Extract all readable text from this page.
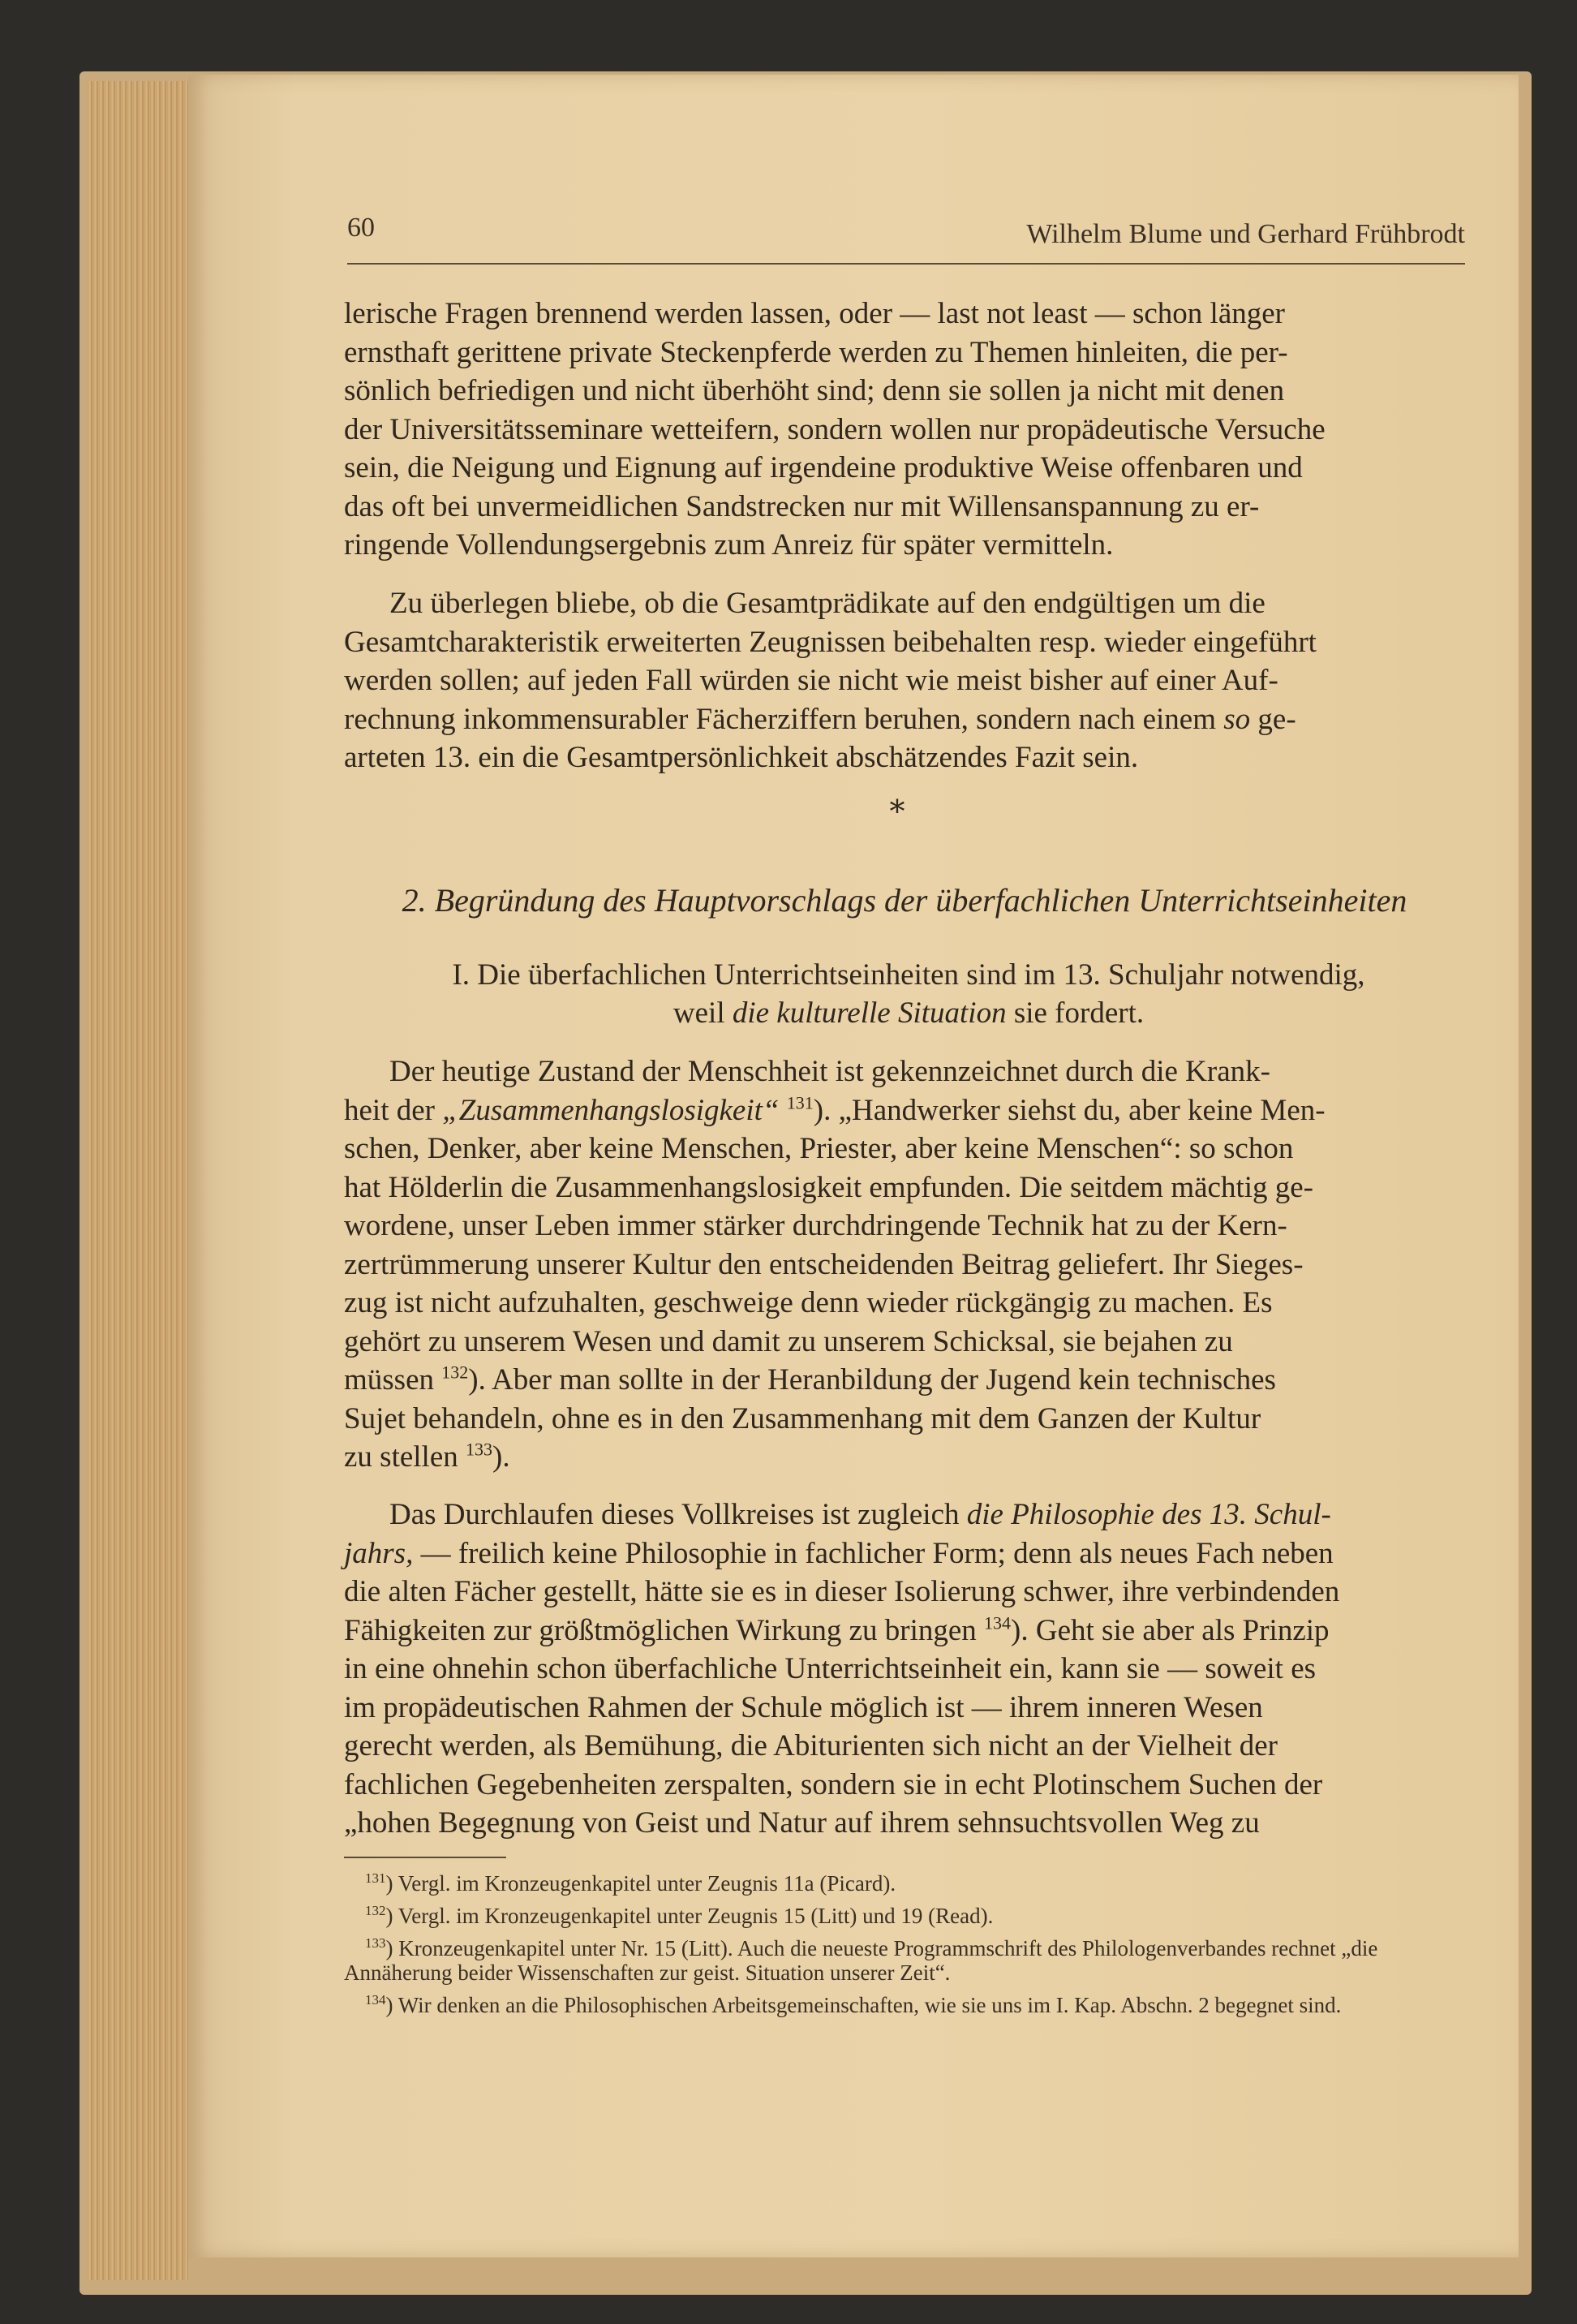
60	Wilhelm Blume und Gerhard Frühbrodt

lerische Fragen brennend werden lassen, oder — last not least — schon länger
ernsthaft gerittene private Steckenpferde werden zu Themen hinleiten, die per-
sönlich befriedigen und nicht überhöht sind; denn sie sollen ja nicht mit denen
der Universitätsseminare wetteifern, sondern wollen nur propädeutische Versuche
sein, die Neigung und Eignung auf irgendeine produktive Weise offenbaren und
das oft bei unvermeidlichen Sandstrecken nur mit Willensanspannung zu er-
ringende Vollendungsergebnis zum Anreiz für später vermitteln.

Zu überlegen bliebe, ob die Gesamtprädikate auf den endgültigen um die
Gesamtcharakteristik erweiterten Zeugnissen beibehalten resp. wieder eingeführt
werden sollen; auf jeden Fall würden sie nicht wie meist bisher auf einer Auf-
rechnung inkommensurabler Fächerziffern beruhen, sondern nach einem so ge-
arteten 13. ein die Gesamtpersönlichkeit abschätzendes Fazit sein.

*
2. Begründung des Hauptvorschlags der überfachlichen Unterrichtseinheiten
I. Die überfachlichen Unterrichtseinheiten sind im 13. Schuljahr notwendig,
weil die kulturelle Situation sie fordert.

Der heutige Zustand der Menschheit ist gekennzeichnet durch die Krank-
heit der „Zusammenhangslosigkeit“ $^{131}$). „Handwerker siehst du, aber keine Men-
schen, Denker, aber keine Menschen, Priester, aber keine Menschen“: so schon
hat Hölderlin die Zusammenhangslosigkeit empfunden. Die seitdem mächtig ge-
wordene, unser Leben immer stärker durchdringende Technik hat zu der Kern-
zertrümmerung unserer Kultur den entscheidenden Beitrag geliefert. Ihr Sieges-
zug ist nicht aufzuhalten, geschweige denn wieder rückgängig zu machen. Es
gehört zu unserem Wesen und damit zu unserem Schicksal, sie bejahen zu
müssen $^{132}$). Aber man sollte in der Heranbildung der Jugend kein technisches
Sujet behandeln, ohne es in den Zusammenhang mit dem Ganzen der Kultur
zu stellen $^{133}$).

Das Durchlaufen dieses Vollkreises ist zugleich die Philosophie des 13. Schul-
jahrs, — freilich keine Philosophie in fachlicher Form; denn als neues Fach neben
die alten Fächer gestellt, hätte sie es in dieser Isolierung schwer, ihre verbindenden
Fähigkeiten zur größtmöglichen Wirkung zu bringen $^{134}$). Geht sie aber als Prinzip
in eine ohnehin schon überfachliche Unterrichtseinheit ein, kann sie — soweit es
im propädeutischen Rahmen der Schule möglich ist — ihrem inneren Wesen
gerecht werden, als Bemühung, die Abiturienten sich nicht an der Vielheit der
fachlichen Gegebenheiten zerspalten, sondern sie in echt Plotinschem Suchen der
„hohen Begegnung von Geist und Natur auf ihrem sehnsuchtsvollen Weg zu

$^{131}$) Vergl. im Kronzeugenkapitel unter Zeugnis 11a (Picard).

$^{132}$) Vergl. im Kronzeugenkapitel unter Zeugnis 15 (Litt) und 19 (Read).

$^{133}$) Kronzeugenkapitel unter Nr. 15 (Litt). Auch die neueste Programmschrift des Philologenverbandes rechnet „die Annäherung beider Wissenschaften zur geist. Situation unserer Zeit“.

$^{134}$) Wir denken an die Philosophischen Arbeitsgemeinschaften, wie sie uns im I. Kap. Abschn. 2 begegnet sind.
